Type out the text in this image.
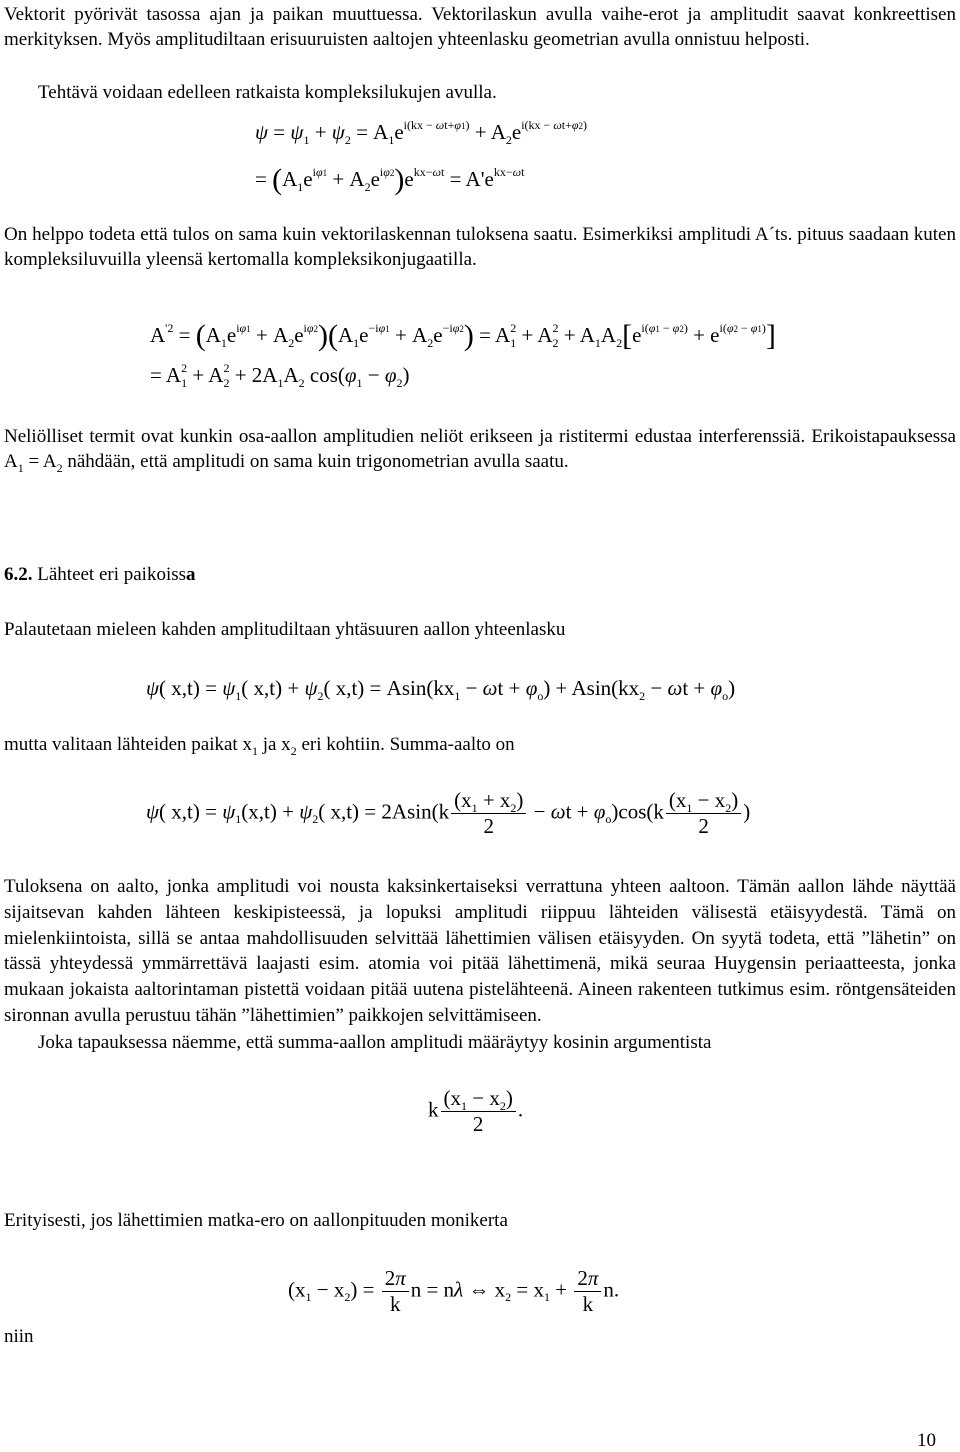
Vektorit pyörivät tasossa ajan ja paikan muuttuessa. Vektorilaskun avulla vaihe-erot ja amplitudit saavat konkreettisen merkityksen. Myös amplitudiltaan erisuuruisten aaltojen yhteenlasku geometrian avulla onnistuu helposti.

Tehtävä voidaan edelleen ratkaista kompleksilukujen avulla.

$\psi = \psi_1 + \psi_2 = A_1e^{i(kx - \omega t+\varphi 1)} + A_2e^{i(kx - \omega t+\varphi 2)}$
= $(A_1e^{i\varphi 1} + A_2e^{i\varphi 2})e^{kx-\omega t} = A'e^{kx-\omega t}$

On helppo todeta että tulos on sama kuin vektorilaskennan tuloksena saatu. Esimerkiksi amplitudi A´ts. pituus saadaan kuten kompleksiluvuilla yleensä kertomalla kompleksikonjugaatilla.

$A^{'2} = (A_1e^{i\varphi 1} + A_2e^{i\varphi 2})(A_1e^{-i\varphi 1} + A_2e^{-i\varphi 2}) = A_1^2 + A_2^2 + A_1A_2[e^{i(\varphi 1 - \varphi 2)} + e^{i(\varphi 2 - \varphi 1)}]$
= $A_1^2 + A_2^2 + 2A_1A_2$ $\cos(\varphi_1 - \varphi_2)$

Neliölliset termit ovat kunkin osa-aallon amplitudien neliöt erikseen ja ristitermi edustaa interferenssiä. Erikoistapauksessa $A_1 = A_2$ nähdään, että amplitudi on sama kuin trigonometrian avulla saatu.

6.2. Lähteet eri paikoissa

Palautetaan mieleen kahden amplitudiltaan yhtäsuuren aallon yhteenlasku

ψ( $x,t) = \psi_1$( $x,t) + \psi_2$( $x,t) = Asin(kx_1 - \omega t + \varphi_o) + Asin(kx_2 - \omega t + \varphi_o)$

mutta valitaan lähteiden paikat $x_1$ ja $x_2$ eri kohtiin. Summa-aalto on

ψ( $x,t) = \psi_1(x,t) + \psi_2$( $x,t) = 2Asin(k \frac{(x_1 + x_2)}{2} - \omega t + \varphi_o)\cos(k \frac{(x_1 - x_2)}{2}$ )

Tuloksena on aalto, jonka amplitudi voi nousta kaksinkertaiseksi verrattuna yhteen aaltoon. Tämän aallon lähde näyttää sijaitsevan kahden lähteen keskipisteessä, ja lopuksi amplitudi riippuu lähteiden välisestä etäisyydestä. Tämä on mielenkiintoista, sillä se antaa mahdollisuuden selvittää lähettimien välisen etäisyyden. On syytä todeta, että ”lähetin” on tässä yhteydessä ymmärrettävä laajasti esim. atomia voi pitää lähettimenä, mikä seuraa Huygensin periaatteesta, jonka mukaan jokaista aaltorintaman pistettä voidaan pitää uutena pistelähteenä. Aineen rakenteen tutkimus esim. röntgensäteiden sironnan avulla perustuu tähän ”lähettimien” paikkojen selvittämiseen.

Joka tapauksessa näemme, että summa-aallon amplitudi määräytyy kosinin argumentista

k $\frac{(x_1 - x_2)}{2}$ .

Erityisesti, jos lähettimien matka-ero on aallonpituuden monikerta

$(x_1 - x_2) = \frac{2\pi}{k}$ n = nλ ⇔ $x_2 = x_1 + \frac{2\pi}{k} n$.

niin

10
